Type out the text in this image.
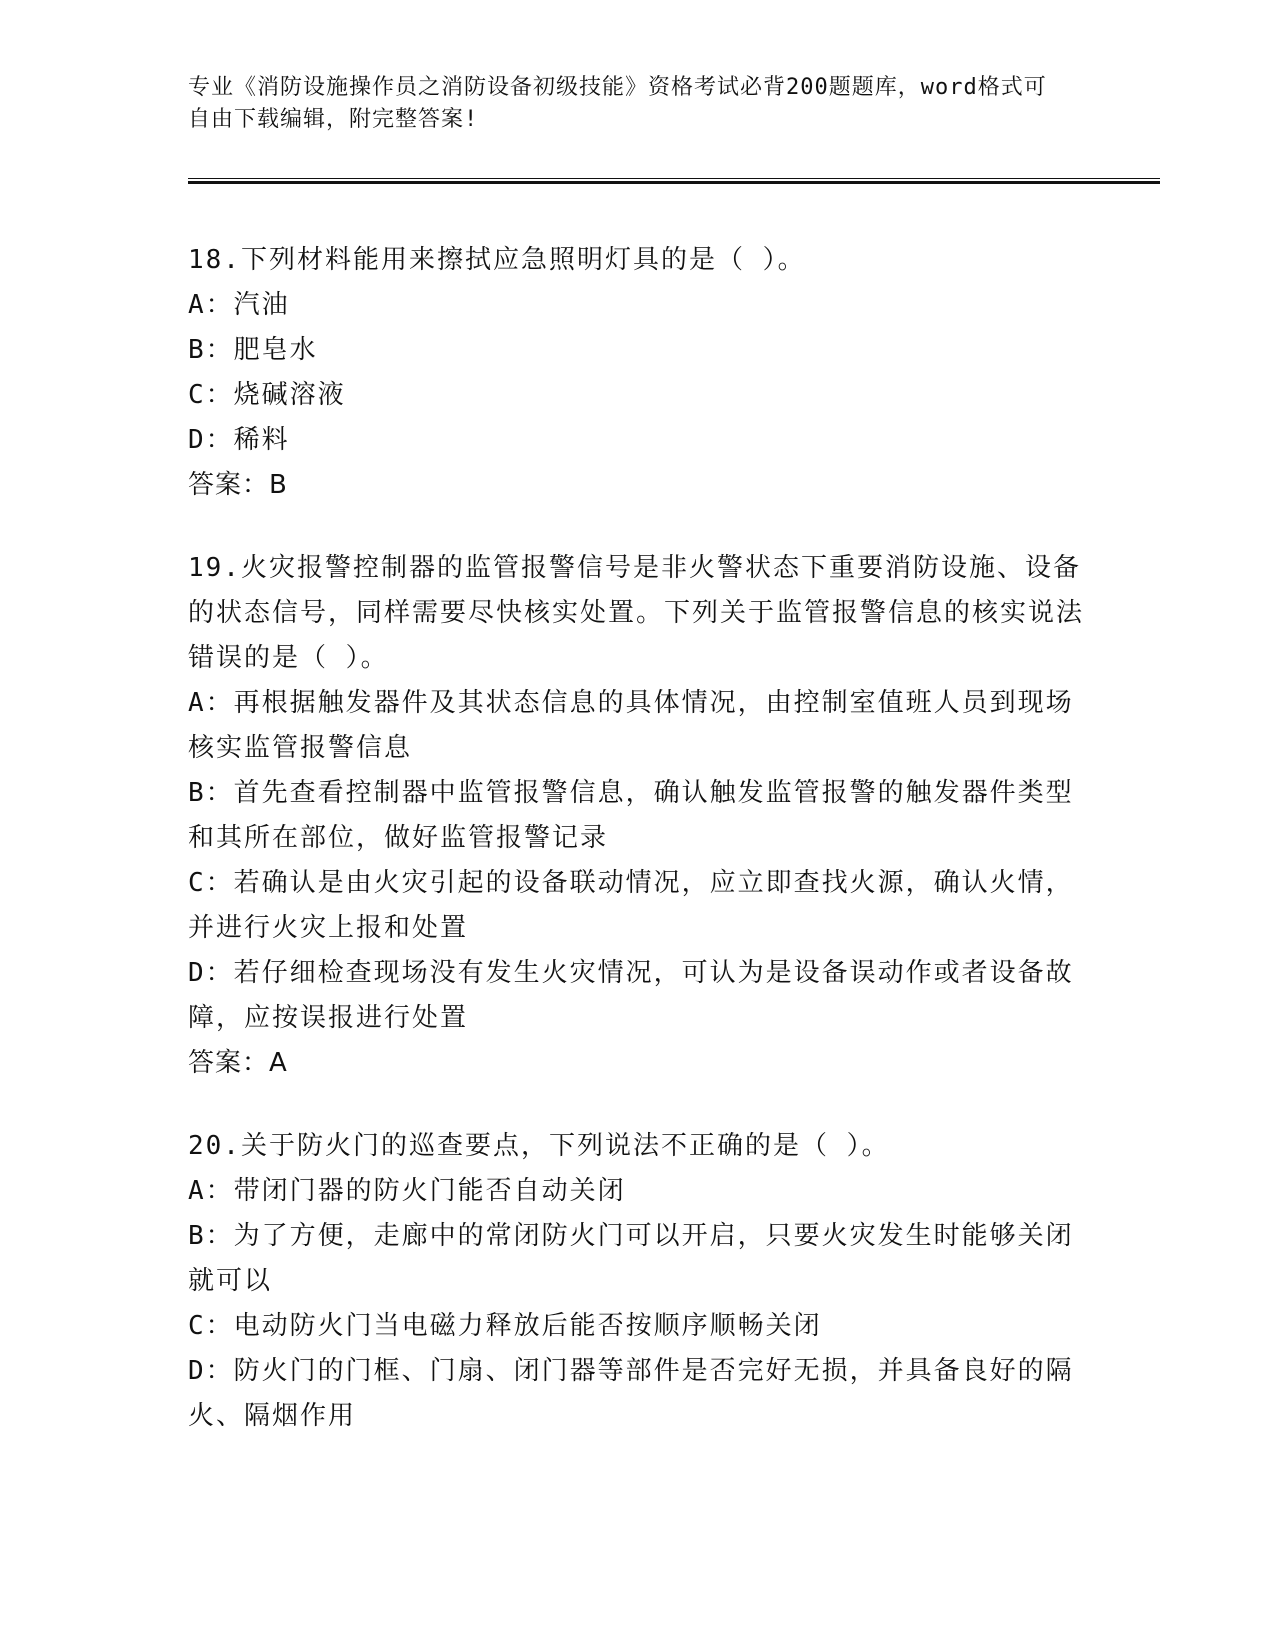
专业《消防设施操作员之消防设备初级技能》资格考试必背200题题库，word格式可自由下载编辑，附完整答案!

18.下列材料能用来擦拭应急照明灯具的是（ ）。

A：汽油

B：肥皂水

C：烧碱溶液

D：稀料

答案：B

19.火灾报警控制器的监管报警信号是非火警状态下重要消防设施、设备的状态信号，同样需要尽快核实处置。下列关于监管报警信息的核实说法错误的是（ ）。

A：再根据触发器件及其状态信息的具体情况，由控制室值班人员到现场核实监管报警信息

B：首先查看控制器中监管报警信息，确认触发监管报警的触发器件类型和其所在部位，做好监管报警记录

C：若确认是由火灾引起的设备联动情况，应立即查找火源，确认火情，并进行火灾上报和处置

D：若仔细检查现场没有发生火灾情况，可认为是设备误动作或者设备故障，应按误报进行处置

答案：A

20.关于防火门的巡查要点，下列说法不正确的是（ ）。

A：带闭门器的防火门能否自动关闭

B：为了方便，走廊中的常闭防火门可以开启，只要火灾发生时能够关闭就可以

C：电动防火门当电磁力释放后能否按顺序顺畅关闭

D：防火门的门框、门扇、闭门器等部件是否完好无损，并具备良好的隔火、隔烟作用
